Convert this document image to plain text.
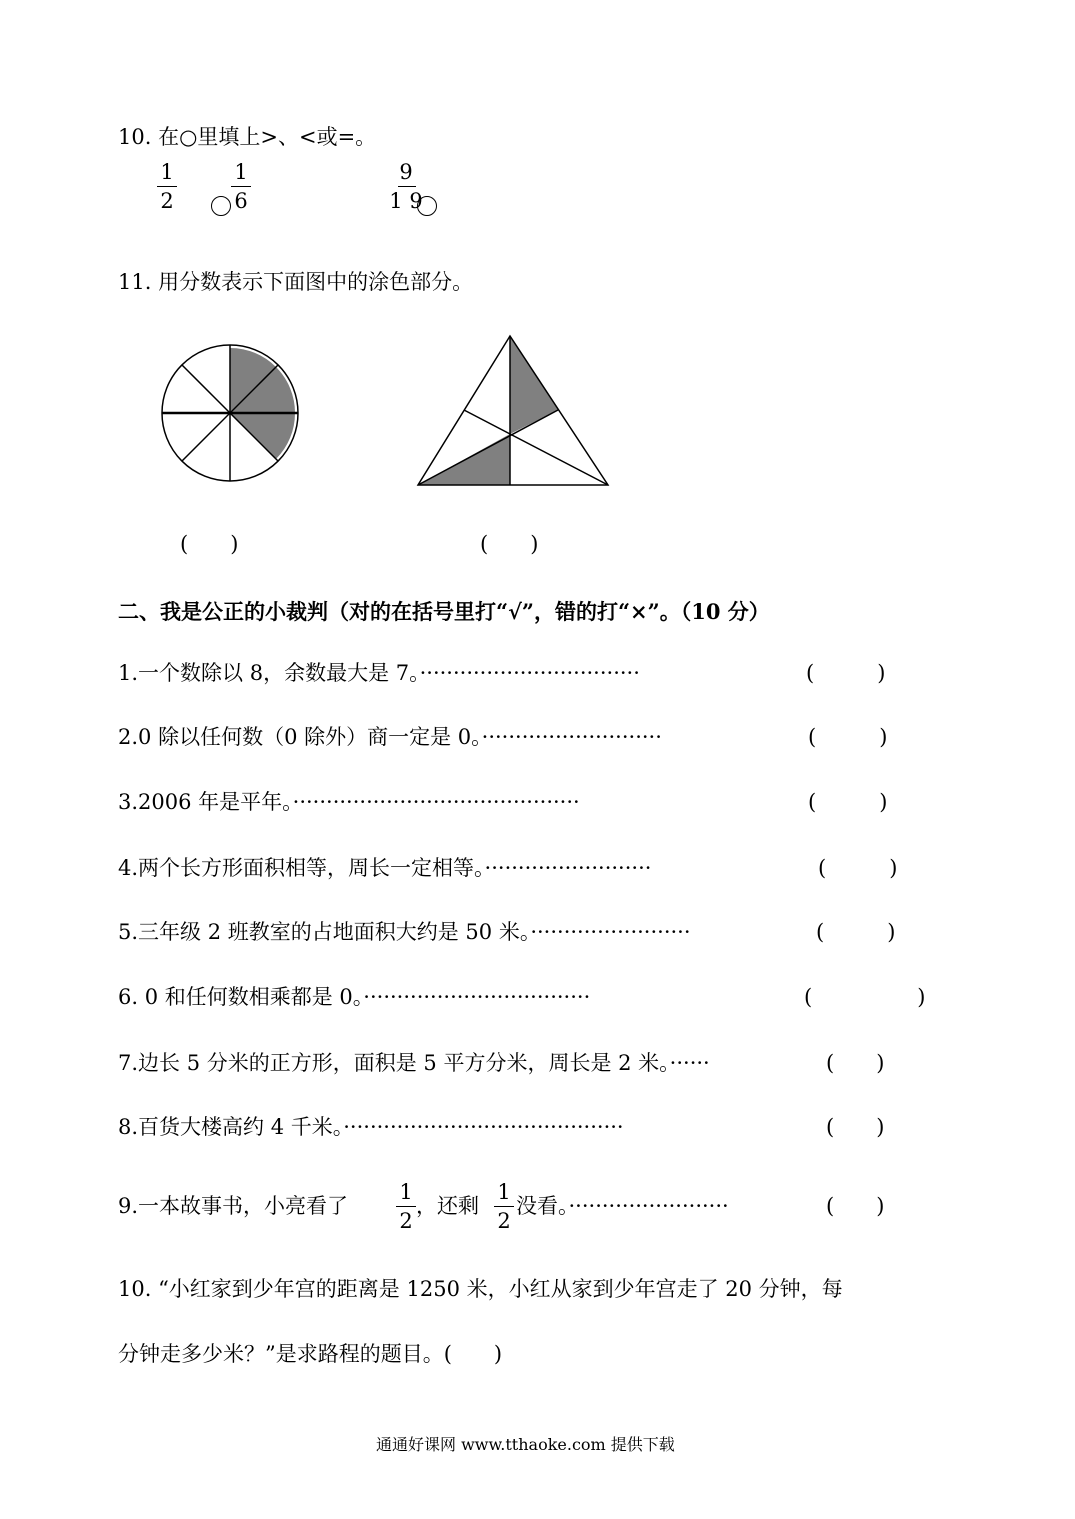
10. 在○里填上>、<或=。
1
2
1
6
9
1 9
11. 用分数表示下面图中的涂色部分。
(　　)	(　　)
二、我是公正的小裁判（对的在括号里打“√”，错的打“×”。（10 分）
1.一个数除以 8，余数最大是 7。·································	(　　　)
2.0 除以任何数（0 除外）商一定是 0。···························	(　　　)
3.2006 年是平年。···········································	(　　　)
4.两个长方形面积相等，周长一定相等。·························	(　　　)
5.三年级 2 班教室的占地面积大约是 50 米。························	(　　　)
6. 0 和任何数相乘都是 0。··································	(　　　　　)
7.边长 5 分米的正方形，面积是 5 平方分米，周长是 2 米。······	(　　)
8.百货大楼高约 4 千米。··········································	(　　)
9.一本故事书，小亮看了
1
2
，还剩
1
2
没看。························	(　　)
10. “小红家到少年宫的距离是 1250 米，小红从家到少年宫走了 20 分钟，每
分钟走多少米？”是求路程的题目。(　　)
通通好课网 www.tthaoke.com 提供下载
